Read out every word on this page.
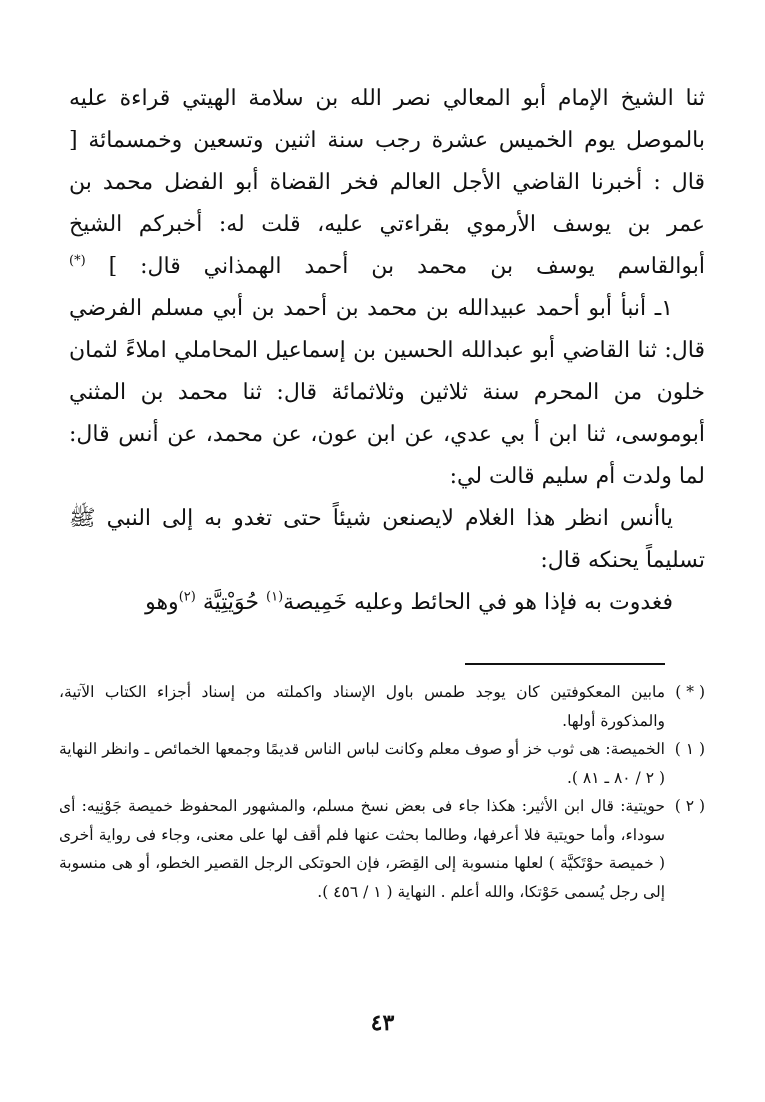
ثنا الشيخ الإمام أبو المعالي نصر الله بن سلامة الهيتي قراءة عليه بالموصل يوم الخميس عشرة رجب سنة اثنين وتسعين وخمسمائة [ قال : أخبرنا القاضي الأجل العالم فخر القضاة أبو الفضل محمد بن عمر بن يوسف الأرموي بقراءتي عليه، قلت له: أخبركم الشيخ أبوالقاسم يوسف بن محمد بن أحمد الهمذاني قال: ] (*)

١ـ أنبأ أبو أحمد عبيدالله بن محمد بن أحمد بن أبي مسلم الفرضي قال: ثنا القاضي أبو عبدالله الحسين بن إسماعيل المحاملي املاءً لثمان خلون من المحرم سنة ثلاثين وثلاثمائة قال: ثنا محمد بن المثني أبوموسى، ثنا ابن أ بي عدي، عن ابن عون، عن محمد، عن أنس قال: لما ولدت أم سليم قالت لي:

ياأنس انظر هذا الغلام لايصنعن شيئاً حتى تغدو به إلى النبي ﷺ تسليماً يحنكه قال:

فغدوت به فإذا هو في الحائط وعليه خَمِيصة$^{(١)}$ حُوَيْتِيَّة $^{(٢)}$وهو

( * )
مابين المعكوفتين كان يوجد طمس باول الإسناد واكملته من إسناد أجزاء الكتاب الآتية، والمذكورة أولها.
( ١ )
الخميصة: هى ثوب خز أو صوف معلم وكانت لباس الناس قديمًا وجمعها الخمائص ـ وانظر النهاية ( ٢ / ٨٠ ـ ٨١ ).
( ٢ )
حويتية: قال ابن الأثير: هكذا جاء فى بعض نسخ مسلم، والمشهور المحفوظ خميصة جَوْنِيه: أى سوداء، وأما حويتية فلا أعرفها، وطالما بحثت عنها فلم أقف لها على معنى، وجاء فى رواية أخرى ( خميصة حوْتَكيَّة ) لعلها منسوبة إلى القِصَر، فإن الحوتكى الرجل القصير الخطو، أو هى منسوبة إلى رجل يُسمى حَوْتكا، والله أعلم . النهاية ( ١ / ٤٥٦ ).
٤٣
